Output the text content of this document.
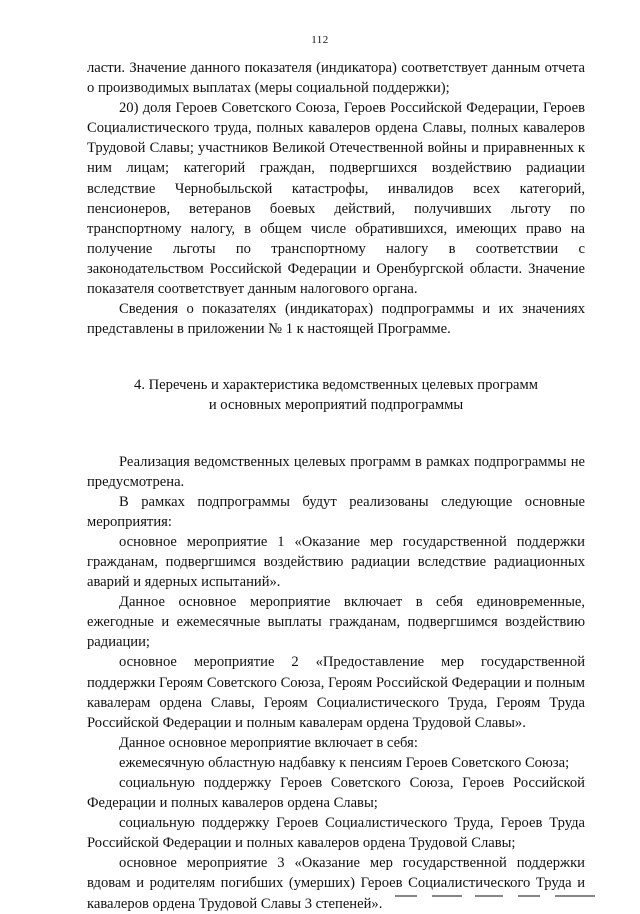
112

ласти. Значение данного показателя (индикатора) соответствует данным отчета о производимых выплатах (меры социальной поддержки);

20) доля Героев Советского Союза, Героев Российской Федерации, Героев Социалистического труда, полных кавалеров ордена Славы, полных кавалеров Трудовой Славы; участников Великой Отечественной войны и приравненных к ним лицам; категорий граждан, подвергшихся воздействию радиации вследствие Чернобыльской катастрофы, инвалидов всех категорий, пенсионеров, ветеранов боевых действий, получивших льготу по транспортному налогу, в общем числе обратившихся, имеющих право на получение льготы по транспортному налогу в соответствии с законодательством Российской Федерации и Оренбургской области. Значение показателя соответствует данным налогового органа.

Сведения о показателях (индикаторах) подпрограммы и их значениях представлены в приложении № 1 к настоящей Программе.

4. Перечень и характеристика ведомственных целевых программ
и основных мероприятий подпрограммы

Реализация ведомственных целевых программ в рамках подпрограммы не предусмотрена.

В рамках подпрограммы будут реализованы следующие основные мероприятия:

основное мероприятие 1 «Оказание мер государственной поддержки гражданам, подвергшимся воздействию радиации вследствие радиационных аварий и ядерных испытаний».

Данное основное мероприятие включает в себя единовременные, ежегодные и ежемесячные выплаты гражданам, подвергшимся воздействию радиации;

основное мероприятие 2 «Предоставление мер государственной поддержки Героям Советского Союза, Героям Российской Федерации и полным кавалерам ордена Славы, Героям Социалистического Труда, Героям Труда Российской Федерации и полным кавалерам ордена Трудовой Славы».

Данное основное мероприятие включает в себя:

ежемесячную областную надбавку к пенсиям Героев Советского Союза;

социальную поддержку Героев Советского Союза, Героев Российской Федерации и полных кавалеров ордена Славы;

социальную поддержку Героев Социалистического Труда, Героев Труда Российской Федерации и полных кавалеров ордена Трудовой Славы;

основное мероприятие 3 «Оказание мер государственной поддержки вдовам и родителям погибших (умерших) Героев Социалистического Труда и кавалеров ордена Трудовой Славы 3 степеней».
